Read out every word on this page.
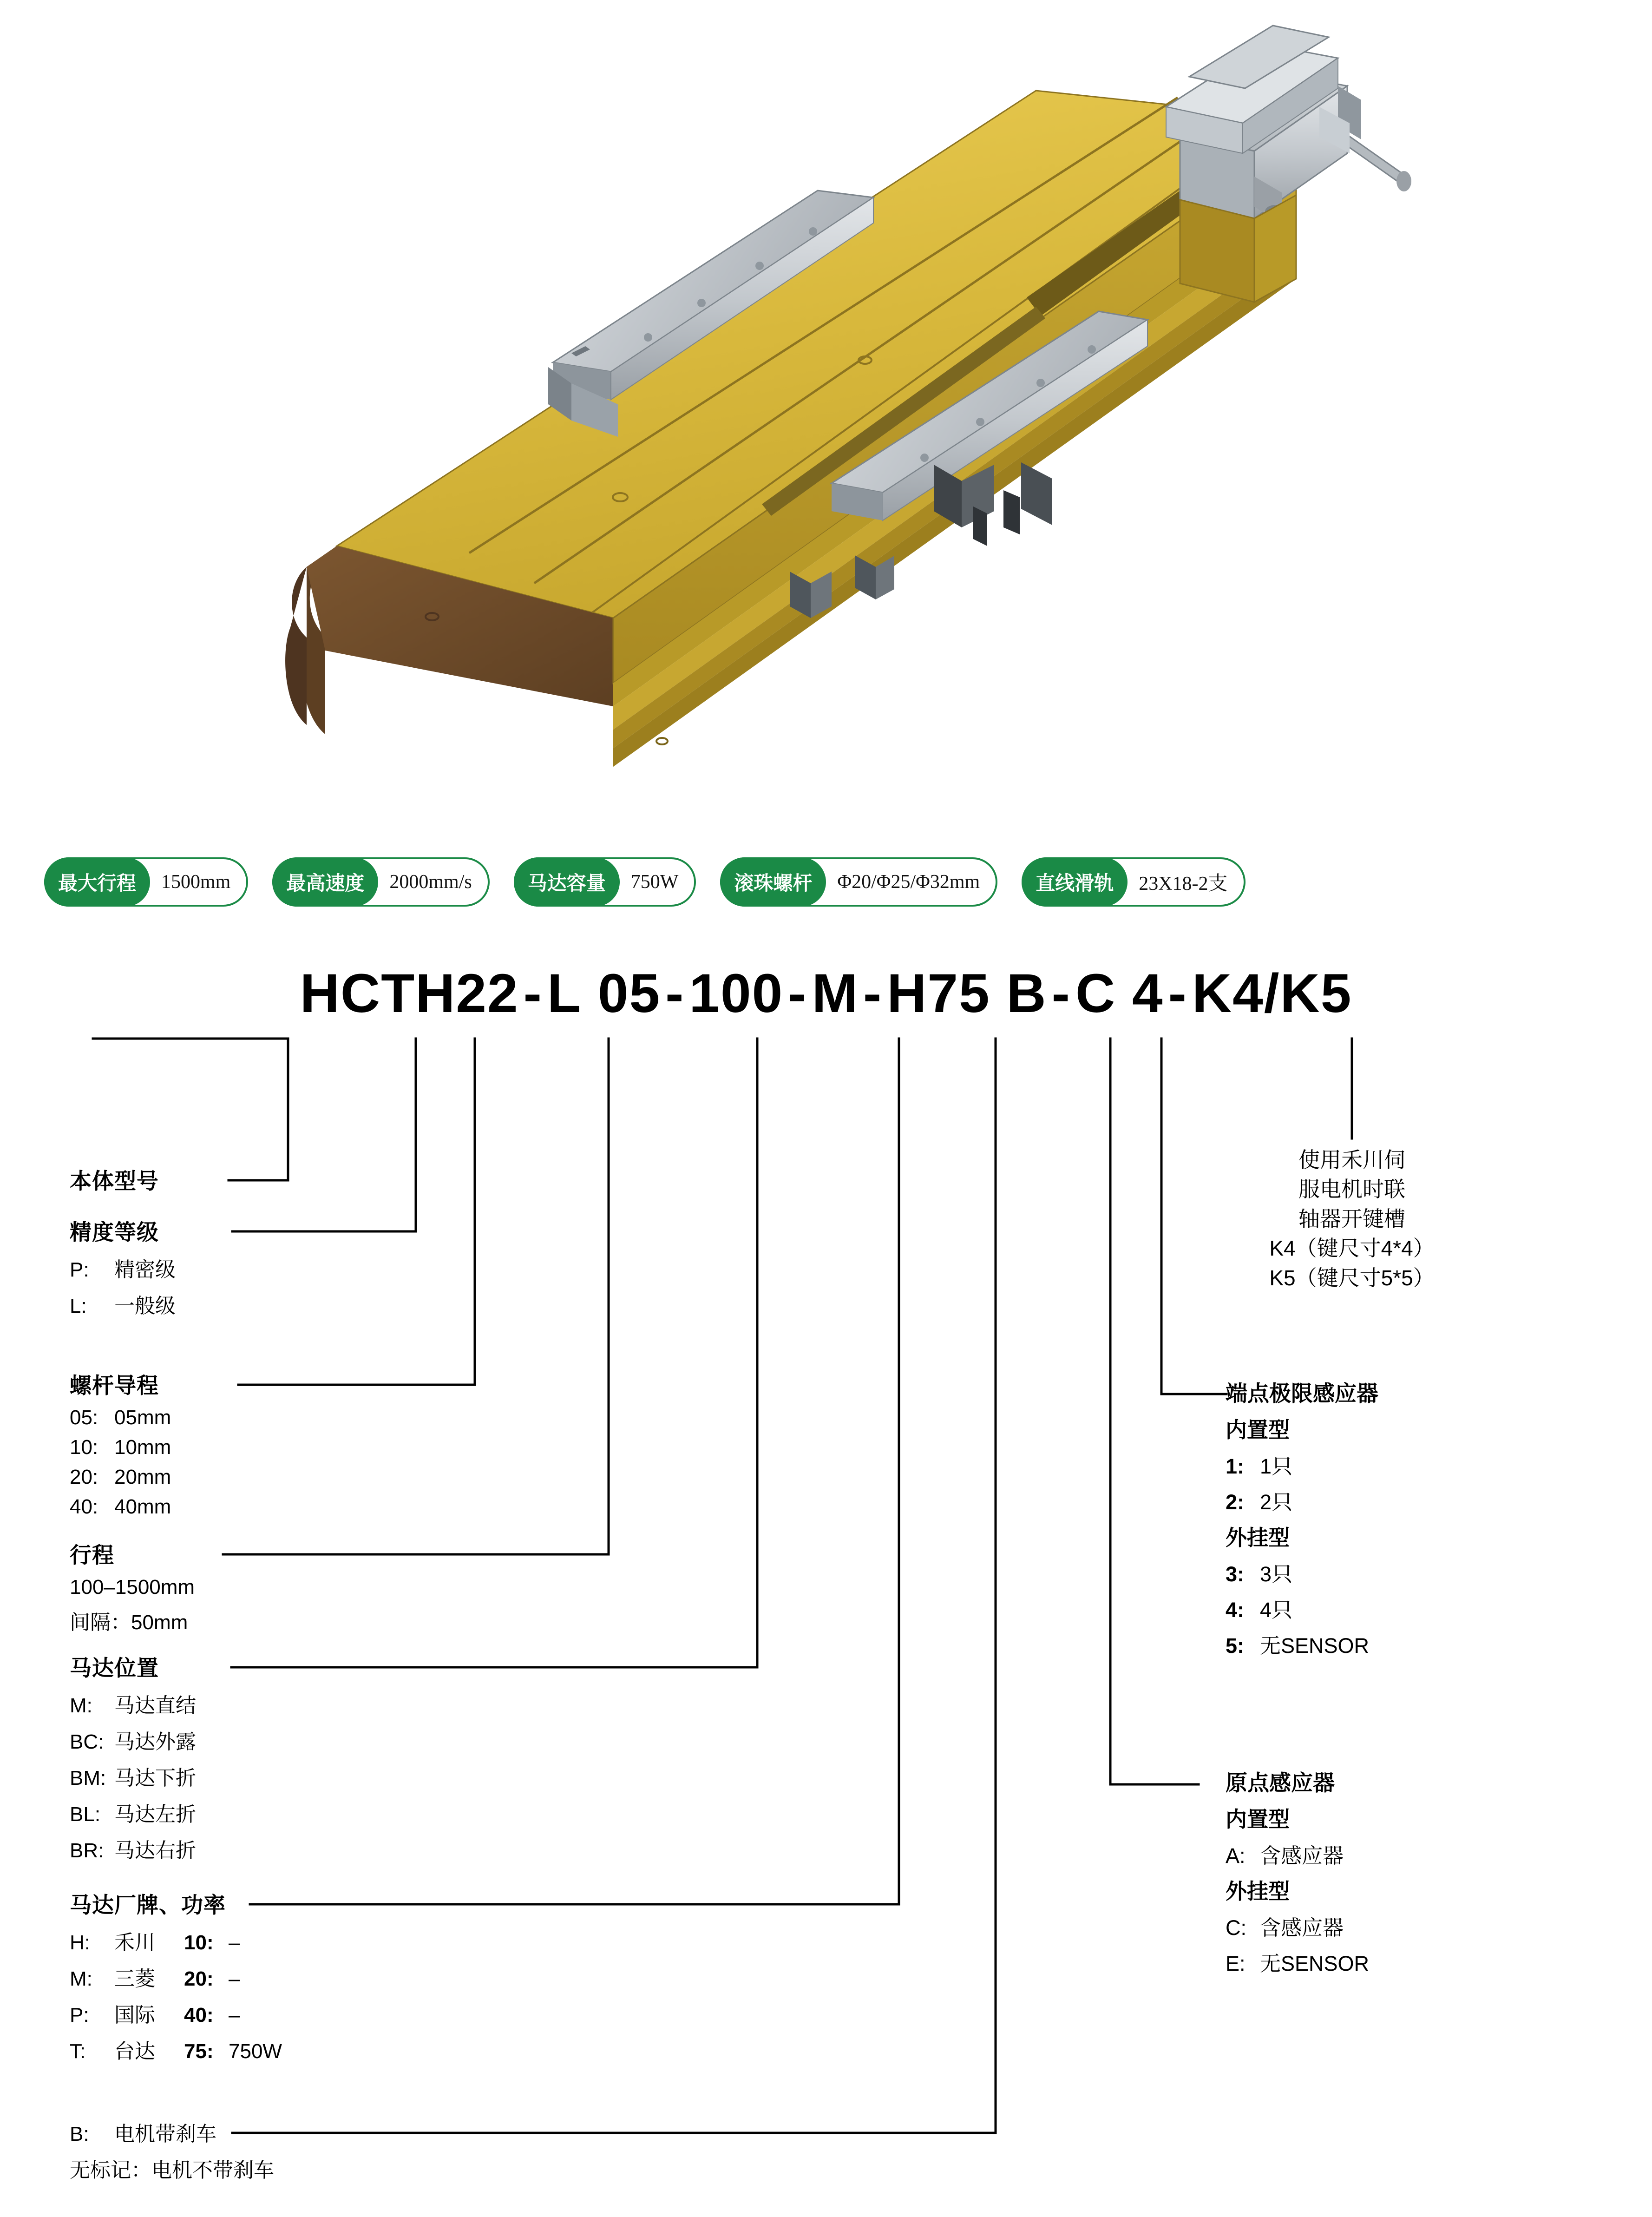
最大行程	1500mm	最高速度	2000mm/s	马达容量	750W	滚珠螺杆	Φ20/Φ25/Φ32mm	直线滑轨	23X18-2支
HCTH22-L 05-100-M-H75 B-C 4-K4/K5
本体型号
精度等级
P: 精密级
L: 一般级
螺杆导程
05: 05mm
10: 10mm
20: 20mm
40: 40mm
行程
100–1500mm
间隔：50mm
马达位置
M: 马达直结
BC: 马达外露
BM: 马达下折
BL: 马达左折
BR: 马达右折
马达厂牌、功率
H: 禾川 10: –
M: 三菱 20: –
P: 国际 40: –
T: 台达 75: 750W
B: 电机带刹车
无标记：电机不带刹车
使用禾川伺
服电机时联
轴器开键槽
K4（键尺寸4*4）
K5（键尺寸5*5）
端点极限感应器
内置型
1: 1只
2: 2只
外挂型
3: 3只
4: 4只
5: 无SENSOR
原点感应器
内置型
A: 含感应器
外挂型
C: 含感应器
E: 无SENSOR
